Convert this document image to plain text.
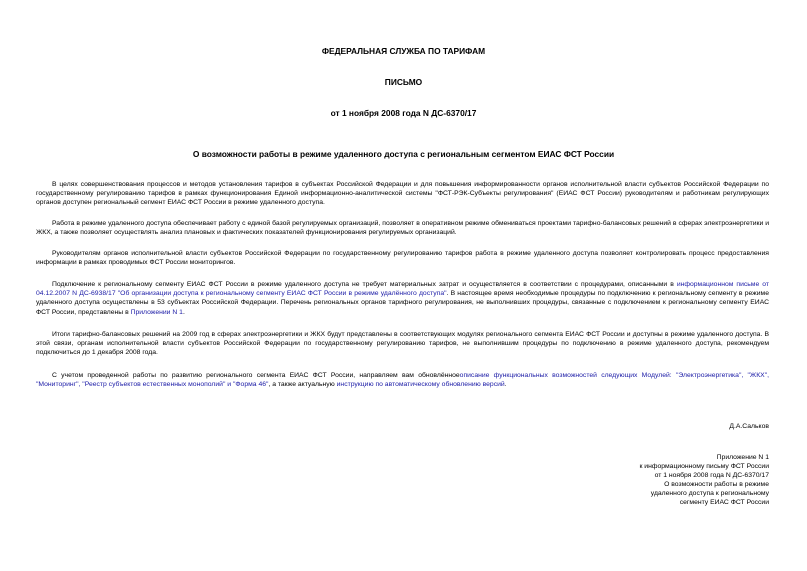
ФЕДЕРАЛЬНАЯ СЛУЖБА ПО ТАРИФАМ
ПИСЬМО
от 1 ноября 2008 года N ДС-6370/17
О возможности работы в режиме удаленного доступа с региональным сегментом ЕИАС ФСТ России

В целях совершенствования процессов и методов установления тарифов в субъектах Российской Федерации и для повышения информированности органов исполнительной власти субъектов Российской Федерации по государственному регулированию тарифов в рамках функционирования Единой информационно-аналитической системы "ФСТ-РЭК-Субъекты регулирования" (ЕИАС ФСТ России) руководителям и работникам регулирующих органов доступен региональный сегмент ЕИАС ФСТ России в режиме удаленного доступа.

Работа в режиме удаленного доступа обеспечивает работу с единой базой регулируемых организаций, позволяет в оперативном режиме обмениваться проектами тарифно-балансовых решений в сферах электроэнергетики и ЖКХ, а также позволяет осуществлять анализ плановых и фактических показателей функционирования регулируемых организаций.

Руководителям органов исполнительной власти субъектов Российской Федерации по государственному регулированию тарифов работа в режиме удаленного доступа позволяет контролировать процесс предоставления информации в рамках проводимых ФСТ России мониторингов.

Подключение к региональному сегменту ЕИАС ФСТ России в режиме удаленного доступа не требует материальных затрат и осуществляется в соответствии с процедурами, описанными в информационном письме от 04.12.2007 N ДС-6938/17 "Об организации доступа к региональному сегменту ЕИАС ФСТ России в режиме удалённого доступа". В настоящее время необходимые процедуры по подключению к региональному сегменту в режиме удаленного доступа осуществлены в 53 субъектах Российской Федерации. Перечень региональных органов тарифного регулирования, не выполнивших процедуры, связанные с подключением к региональному сегменту ЕИАС ФСТ России, представлены в Приложении N 1.

Итоги тарифно-балансовых решений на 2009 год в сферах электроэнергетики и ЖКХ будут представлены в соответствующих модулях регионального сегмента ЕИАС ФСТ России и доступны в режиме удаленного доступа. В этой связи, органам исполнительной власти субъектов Российской Федерации по государственному регулированию тарифов, не выполнившим процедуры по подключению в режиме удаленного доступа, рекомендуем подключиться до 1 декабря 2008 года.

С учетом проведенной работы по развитию регионального сегмента ЕИАС ФСТ России, направляем вам обновлённоеописание функциональных возможностей следующих Модулей: "Электроэнергетика", "ЖКХ", "Мониторинг", "Реестр субъектов естественных монополий" и "Форма 46", а также актуальную инструкцию по автоматическому обновлению версий.

Д.А.Сальков
Приложение N 1
к информационному письму ФСТ России
от 1 ноября 2008 года N ДС-6370/17
О возможности работы в режиме
удаленного доступа к региональному
сегменту ЕИАС ФСТ России
